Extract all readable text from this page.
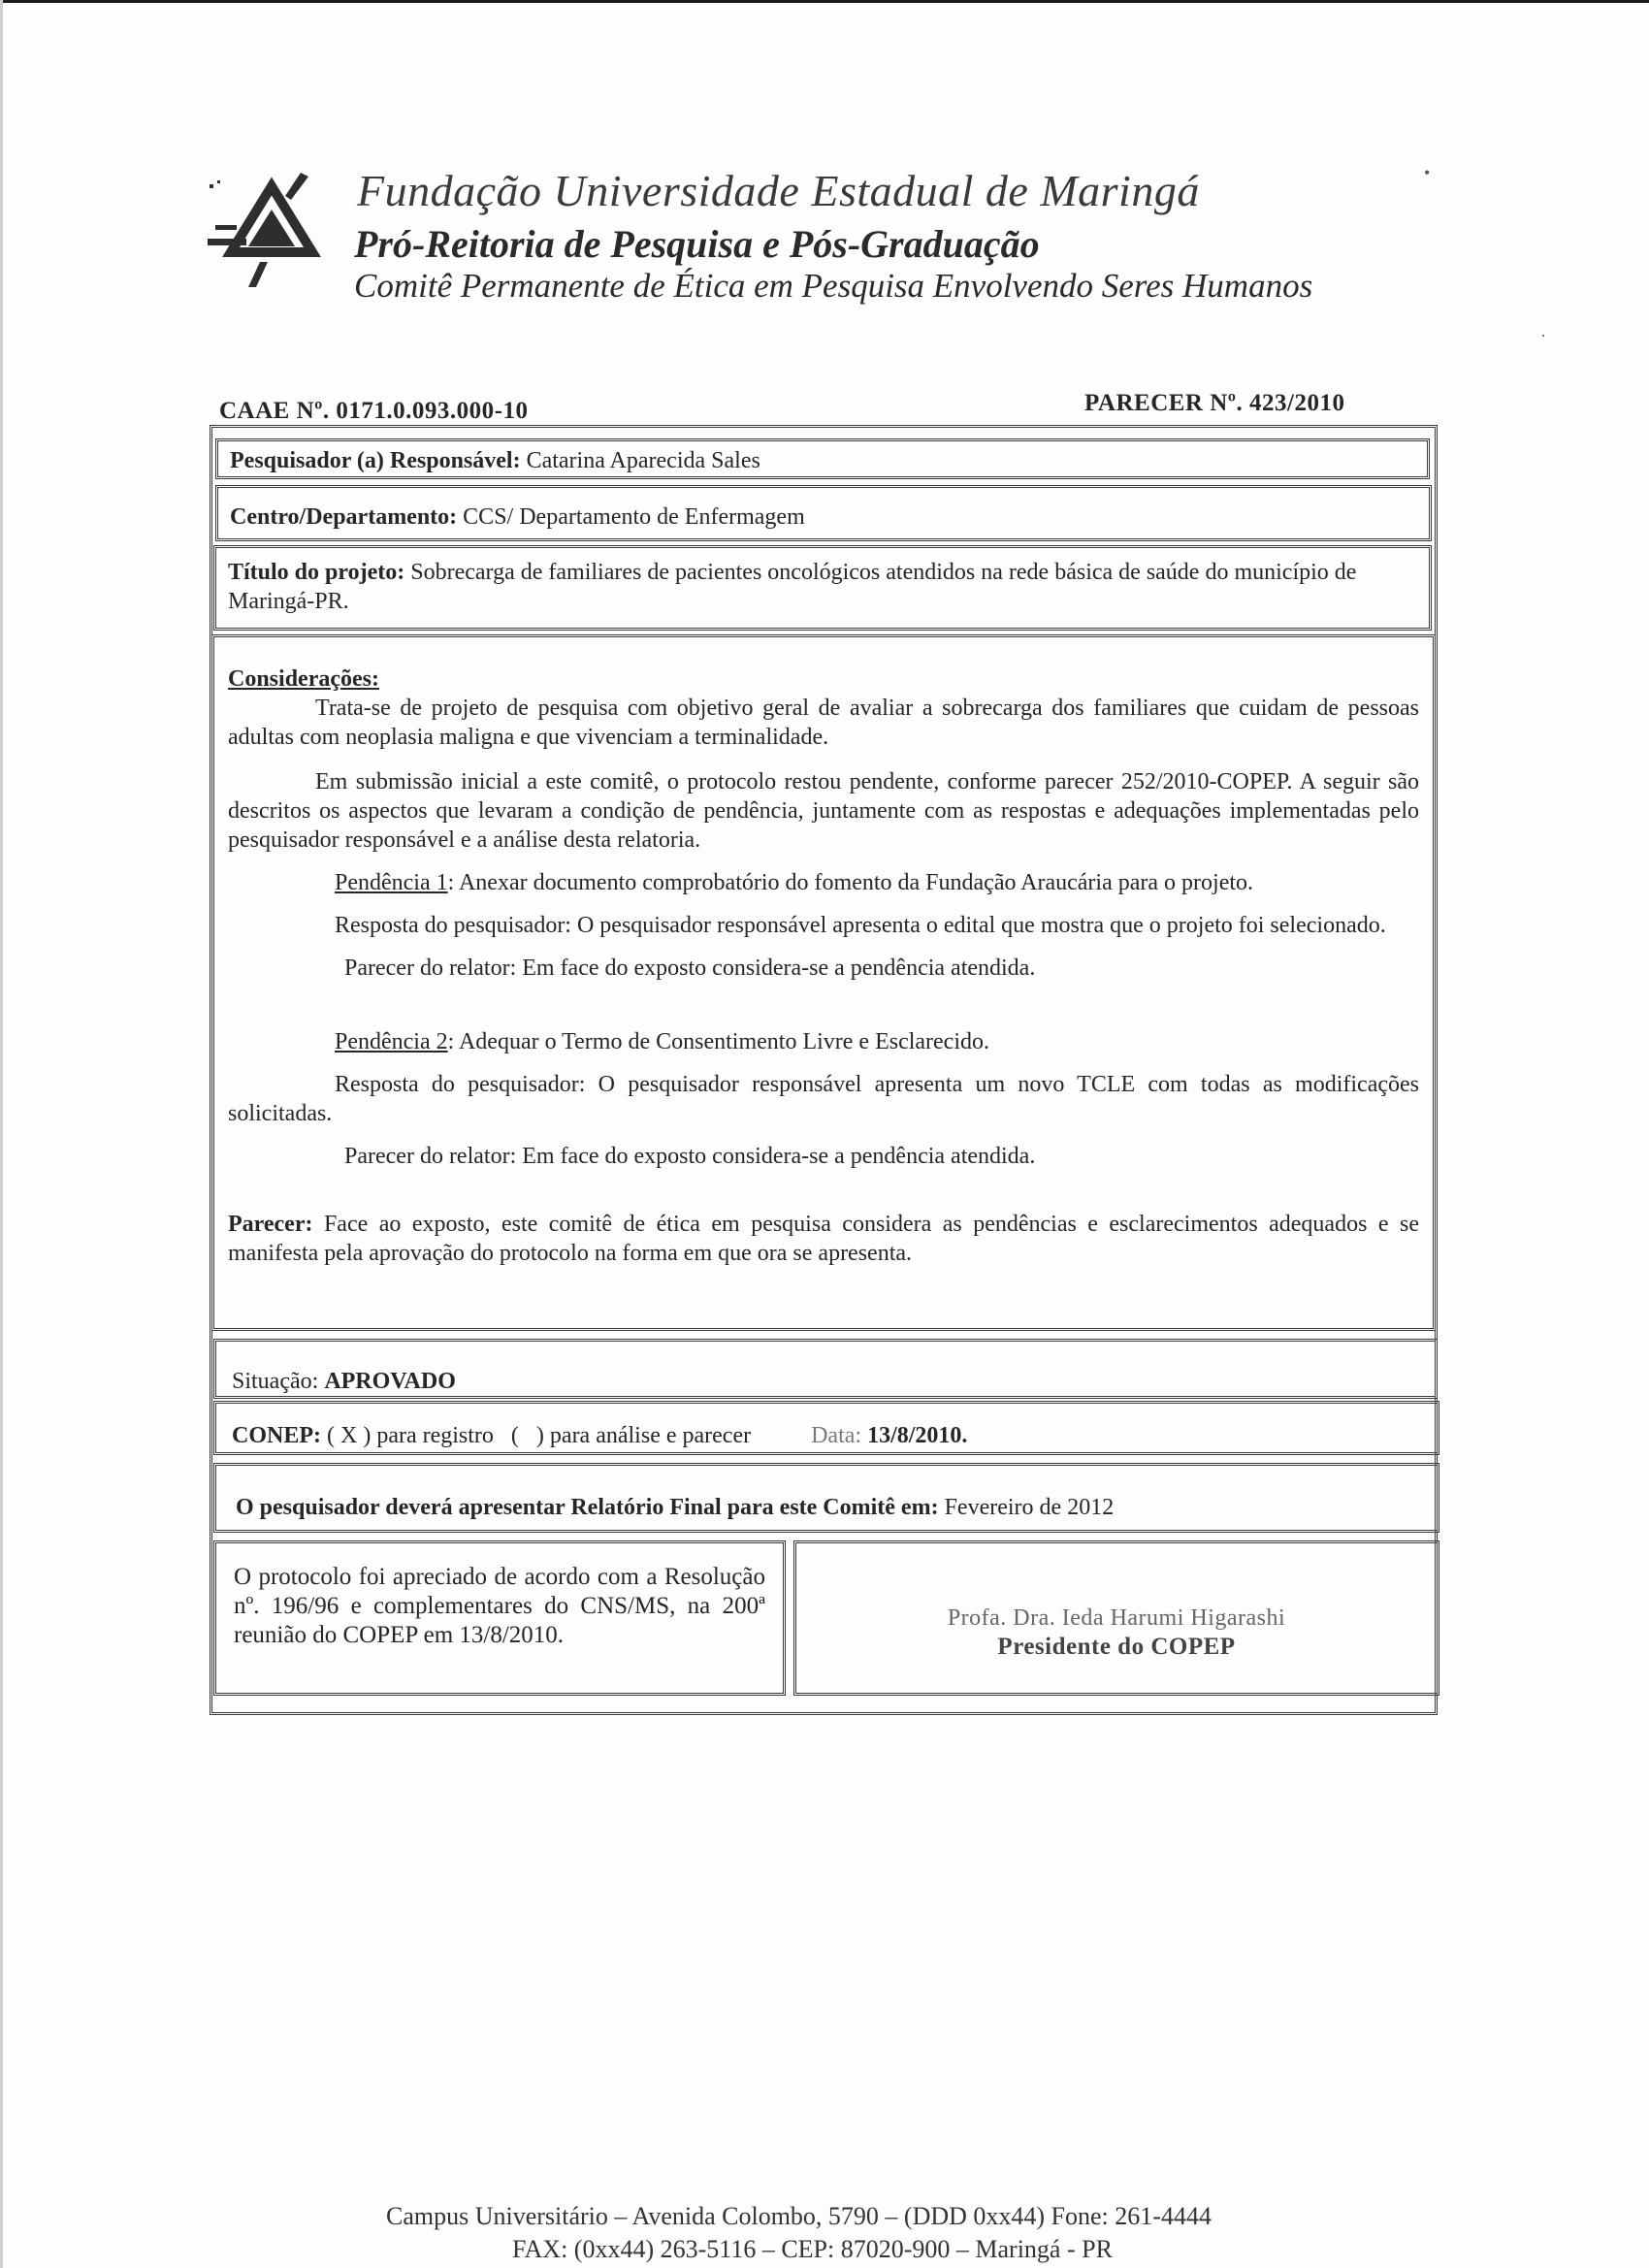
Fundação Universidade Estadual de Maringá
Pró-Reitoria de Pesquisa e Pós-Graduação
Comitê Permanente de Ética em Pesquisa Envolvendo Seres Humanos
•
·
CAAE Nº. 0171.0.093.000-10	PARECER Nº. 423/2010
Pesquisador (a) Responsável: Catarina Aparecida Sales
Centro/Departamento: CCS/ Departamento de Enfermagem
Título do projeto: Sobrecarga de familiares de pacientes oncológicos atendidos na rede básica de saúde do município de Maringá-PR.

Considerações:

Trata-se de projeto de pesquisa com objetivo geral de avaliar a sobrecarga dos familiares que cuidam de pessoas adultas com neoplasia maligna e que vivenciam a terminalidade.

Em submissão inicial a este comitê, o protocolo restou pendente, conforme parecer 252/2010-COPEP. A seguir são descritos os aspectos que levaram a condição de pendência, juntamente com as respostas e adequações implementadas pelo pesquisador responsável e a análise desta relatoria.

Pendência 1: Anexar documento comprobatório do fomento da Fundação Araucária para o projeto.

Resposta do pesquisador: O pesquisador responsável apresenta o edital que mostra que o projeto foi selecionado.

Parecer do relator: Em face do exposto considera-se a pendência atendida.

Pendência 2: Adequar o Termo de Consentimento Livre e Esclarecido.

Resposta do pesquisador: O pesquisador responsável apresenta um novo TCLE com todas as modificações solicitadas.

Parecer do relator: Em face do exposto considera-se a pendência atendida.

Parecer: Face ao exposto, este comitê de ética em pesquisa considera as pendências e esclarecimentos adequados e se manifesta pela aprovação do protocolo na forma em que ora se apresenta.

Situação: APROVADO
CONEP: ( X ) para registro   (   ) para análise e parecer	Data: 13/8/2010.
O pesquisador deverá apresentar Relatório Final para este Comitê em: Fevereiro de 2012
O protocolo foi apreciado de acordo com a Resolução nº. 196/96 e complementares do CNS/MS, na 200ª reunião do COPEP em 13/8/2010.
Profa. Dra. Ieda Harumi Higarashi
Presidente do COPEP
Campus Universitário – Avenida Colombo, 5790 – (DDD 0xx44) Fone: 261-4444
FAX: (0xx44) 263-5116 – CEP: 87020-900 – Maringá - PR
